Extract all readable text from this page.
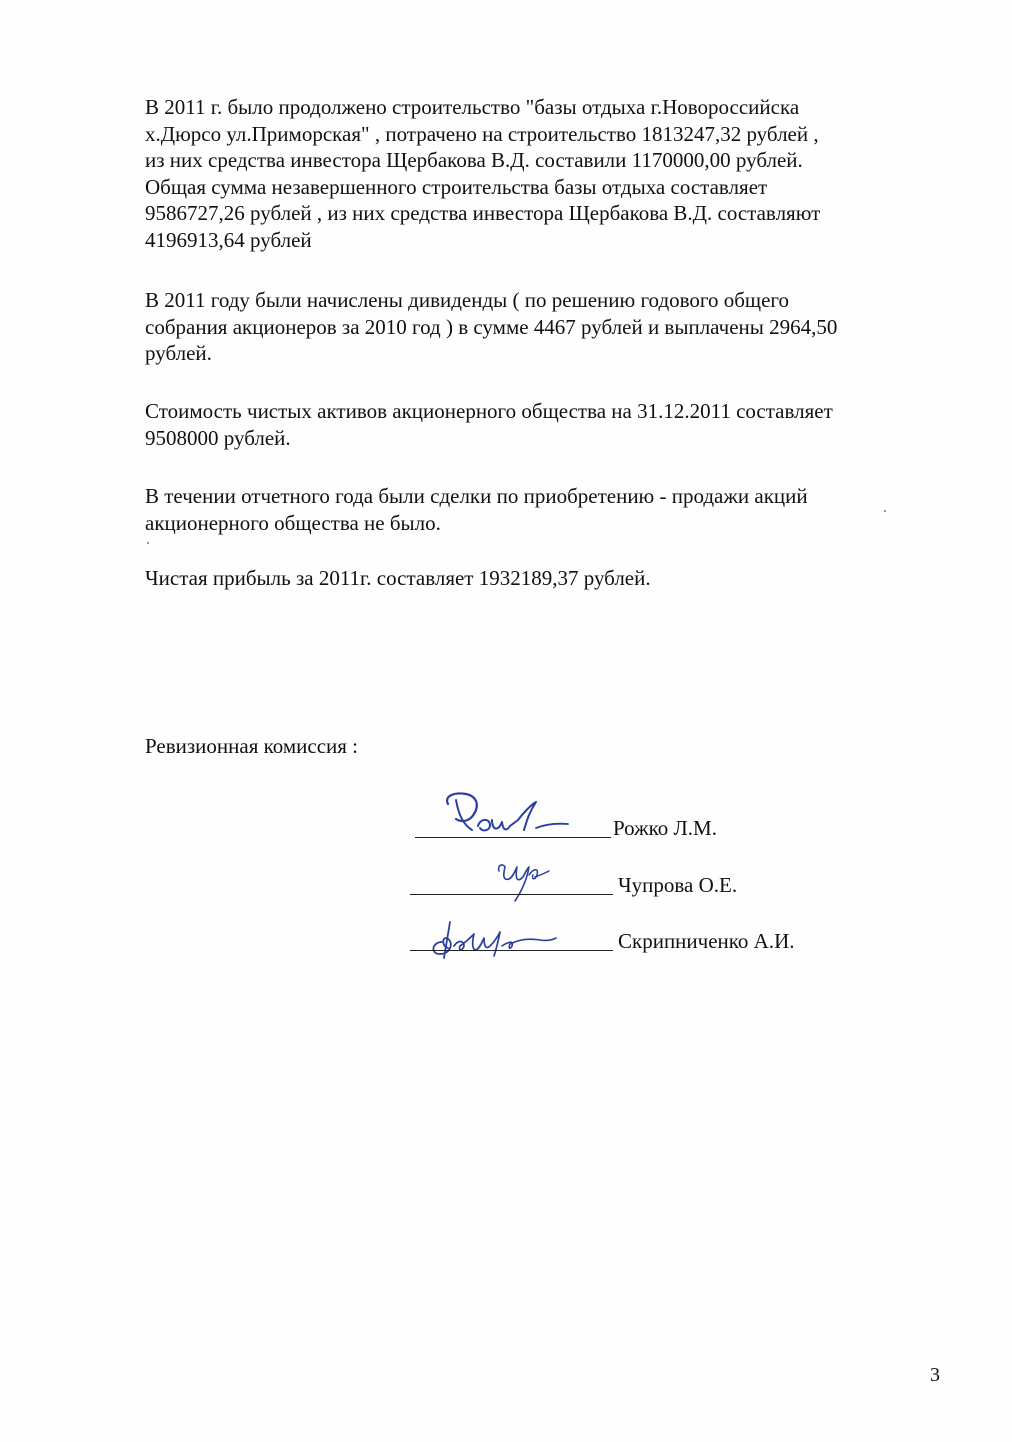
В 2011 г. было продолжено строительство "базы отдыха г.Новороссийска
х.Дюрсо ул.Приморская" , потрачено на строительство 1813247,32 рублей ,
из них средства инвестора Щербакова В.Д. составили 1170000,00 рублей.
Общая сумма незавершенного строительства базы отдыха составляет
9586727,26 рублей , из них средства инвестора Щербакова В.Д. составляют
4196913,64 рублей

В 2011 году были начислены дивиденды ( по решению годового общего
собрания акционеров за 2010 год ) в сумме 4467 рублей и выплачены 2964,50
рублей.

Стоимость чистых активов акционерного общества на 31.12.2011 составляет
9508000 рублей.

В течении отчетного года были сделки по приобретению - продажи акций
акционерного общества не было.

Чистая прибыль за 2011г. составляет 1932189,37 рублей.

Ревизионная комиссия :

Рожко Л.М.
Чупрова О.Е.
Скрипниченко А.И.
3
